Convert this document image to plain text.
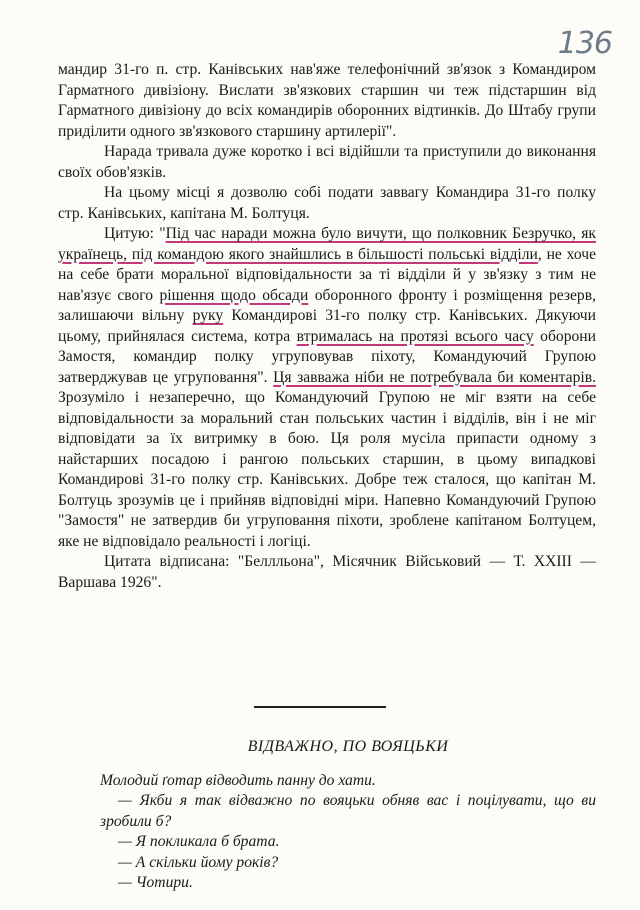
136

мандир 31-го п. стр. Канівських нав'яже телефонічний зв'язок з Командиром Гарматного дивізіону. Вислати зв'язкових старшин чи теж підстаршин від Гарматного дивізіону до всіх командирів оборонних відтинків. До Штабу групи приділити одного зв'язкового старшину артилерії".

Нарада тривала дуже коротко і всі відійшли та приступили до виконання своїх обов'язків.

На цьому місці я дозволю собі подати заввагу Командира 31-го полку стр. Канівських, капітана М. Болтуця.

Цитую: "Під час наради можна було вичути, що полковник Безручко, як українець, під командою якого знайшлись в більшості польські відділи, не хоче на себе брати моральної відповідальности за ті відділи й у зв'язку з тим не нав'язує свого рішення щодо обсади оборонного фронту і розміщення резерв, залишаючи вільну руку Командирові 31-го полку стр. Канівських. Дякуючи цьому, прийнялася система, котра втрималась на протязі всього часу оборони Замостя, командир полку угруповував піхоту, Командуючий Групою затверджував це угруповання". Ця завважа ніби не потребувала би коментарів. Зрозуміло і незаперечно, що Командуючий Групою не міг взяти на себе відповідальности за моральний стан польських частин і відділів, він і не міг відповідати за їх витримку в бою. Ця роля мусіла припасти одному з найстарших посадою і рангою польських старшин, в цьому випадкові Командирові 31-го полку стр. Канівських. Добре теж сталося, що капітан М. Болтуць зрозумів це і прийняв відповідні міри. Напевно Командуючий Групою "Замостя" не затвердив би угруповання піхоти, зроблене капітаном Болтуцем, яке не відповідало реальності і логіці.

Цитата відписана: "Беллльона", Місячник Військовий — Т. XXIII — Варшава 1926".

ВІДВАЖНО, ПО ВОЯЦЬКИ

Молодий ґотар відводить панну до хати.

— Якби я так відважно по вояцьки обняв вас і поцілувати, що ви зробили б?

— Я покликала б брата.

— А скільки йому років?

— Чотири.
